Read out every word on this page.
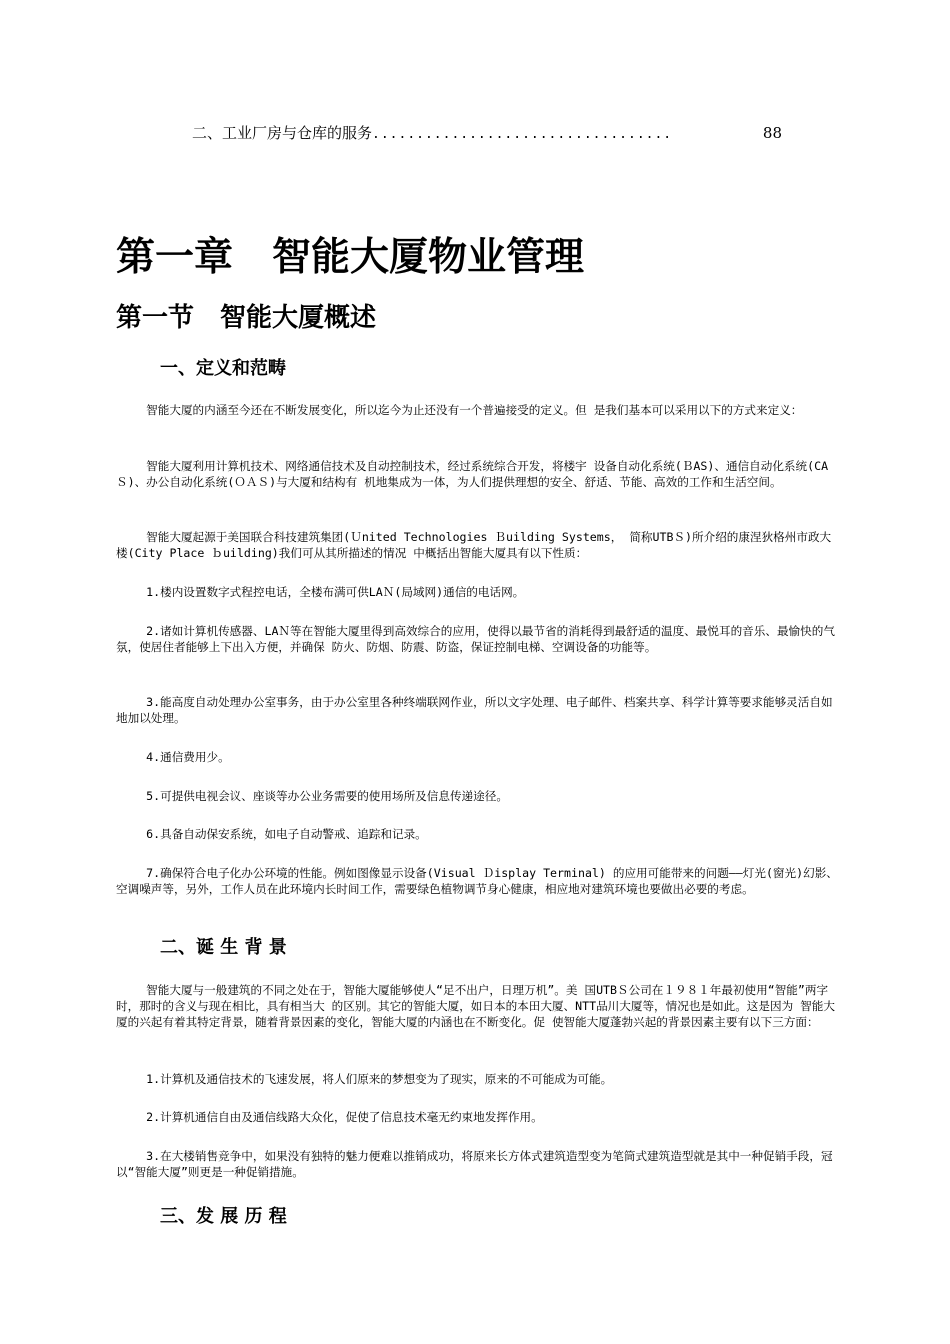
二、工业厂房与仓库的服务 ..................................	88
第一章　智能大厦物业管理
第一节　智能大厦概述
一、定义和范畴

智能大厦的内涵至今还在不断发展变化，所以迄今为止还没有一个普遍接受的定义。但 是我们基本可以采用以下的方式来定义：

智能大厦利用计算机技术、网络通信技术及自动控制技术，经过系统综合开发，将楼宇 设备自动化系统(ＢAS)、通信自动化系统(CAＳ)、办公自动化系统(ＯＡＳ)与大厦和结构有 机地集成为一体，为人们提供理想的安全、舒适、节能、高效的工作和生活空间。

智能大厦起源于美国联合科技建筑集团(Ｕnited Technologies Ｂuilding Systems， 简称UTBＳ)所介绍的康涅狄格州市政大楼(City Place ｂuilding)我们可从其所描述的情况 中概括出智能大厦具有以下性质：

1.楼内设置数字式程控电话，全楼布满可供LAＮ(局域网)通信的电话网。

2.诸如计算机传感器、LAＮ等在智能大厦里得到高效综合的应用，使得以最节省的消耗得到最舒适的温度、最悦耳的音乐、最愉快的气氛，使居住者能够上下出入方便，并确保 防火、防烟、防震、防盗，保证控制电梯、空调设备的功能等。

3.能高度自动处理办公室事务，由于办公室里各种终端联网作业，所以文字处理、电子邮件、档案共享、科学计算等要求能够灵活自如地加以处理。

4.通信费用少。

5.可提供电视会议、座谈等办公业务需要的使用场所及信息传递途径。

6.具备自动保安系统，如电子自动警戒、追踪和记录。

7.确保符合电子化办公环境的性能。例如图像显示设备(Visual Ｄisplay Terminal) 的应用可能带来的问题——灯光(窗光)幻影、空调噪声等，另外，工作人员在此环境内长时间工作，需要绿色植物调节身心健康，相应地对建筑环境也要做出必要的考虑。

二、诞 生 背 景

智能大厦与一般建筑的不同之处在于，智能大厦能够使人“足不出户，日理万机”。美 国UTBＳ公司在１９８１年最初使用“智能”两字时，那时的含义与现在相比，具有相当大 的区别。其它的智能大厦，如日本的本田大厦、NTT品川大厦等，情况也是如此。这是因为 智能大厦的兴起有着其特定背景，随着背景因素的变化，智能大厦的内涵也在不断变化。促 使智能大厦蓬勃兴起的背景因素主要有以下三方面：

1.计算机及通信技术的飞速发展，将人们原来的梦想变为了现实，原来的不可能成为可能。

2.计算机通信自由及通信线路大众化，促使了信息技术毫无约束地发挥作用。

3.在大楼销售竞争中，如果没有独特的魅力便难以推销成功，将原来长方体式建筑造型变为笔筒式建筑造型就是其中一种促销手段，冠以“智能大厦”则更是一种促销措施。

三、发 展 历 程
